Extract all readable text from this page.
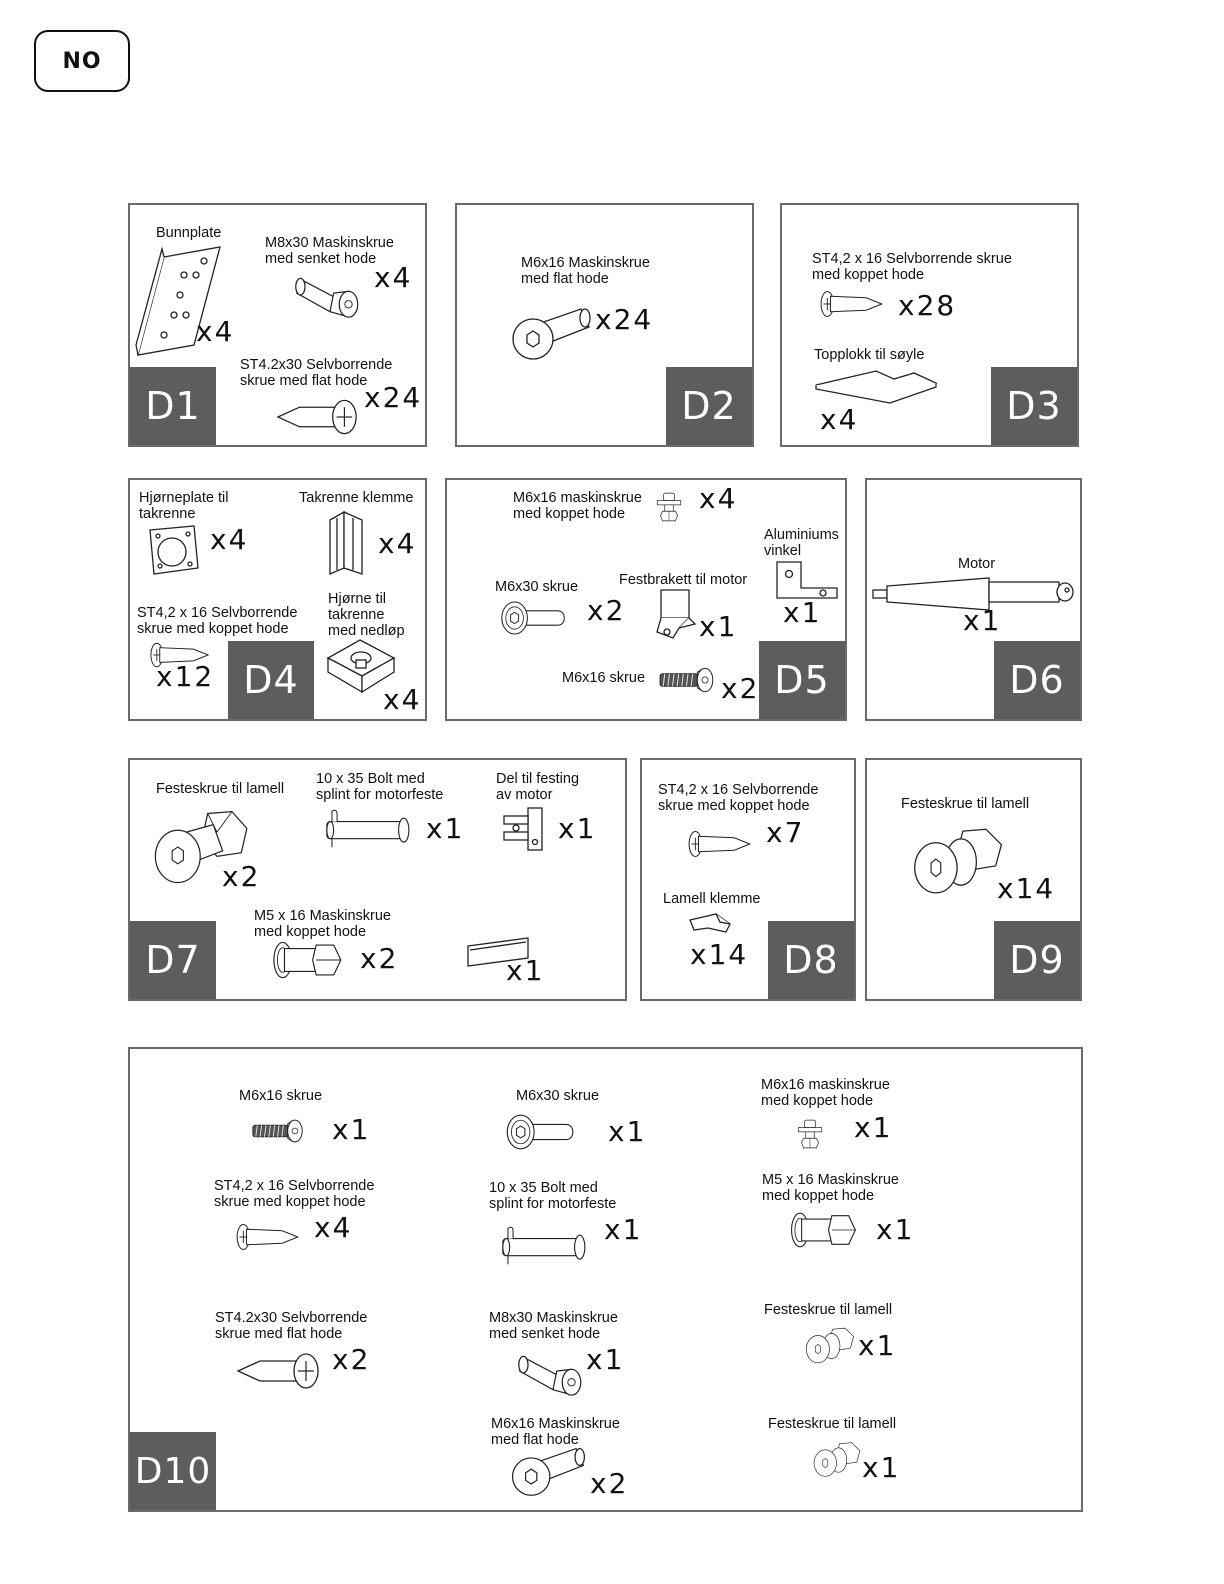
NO
Bunnplate
x4
M8x30 Maskinskrue
med senket hode
x4
ST4.2x30 Selvborrende
skrue med flat hode
x24
D1
M6x16 Maskinskrue
med flat hode
x24
D2
ST4,2 x 16 Selvborrende skrue
med koppet hode
x28
Topplokk til søyle
x4	D3
Hjørneplate til
takrenne
x4
Takrenne klemme
x4
ST4,2 x 16 Selvborrende
skrue med koppet hode
x12
Hjørne til
takrenne
med nedløp
x4
D4
M6x16 maskinskrue
med koppet hode	x4
Aluminiums
vinkel
x1
M6x30 skrue
x2
Festbrakett til motor
x1
M6x16 skrue	x2 D5
Motor
x1
D6
Festeskrue til lamell
x2
10 x 35 Bolt med
splint for motorfeste
x1
Del til festing
av motor
x1
M5 x 16 Maskinskrue
med koppet hode
x2	x1
D7
ST4,2 x 16 Selvborrende
skrue med koppet hode
x7
Lamell klemme
x14 D8
Festeskrue til lamell
x14
D9
M6x16 skrue
x1
ST4,2 x 16 Selvborrende
skrue med koppet hode
x4
ST4.2x30 Selvborrende
skrue med flat hode
x2
M6x30 skrue
x1
10 x 35 Bolt med
splint for motorfeste
x1
M8x30 Maskinskrue
med senket hode
x1
M6x16 Maskinskrue
med flat hode
x2
M6x16 maskinskrue
med koppet hode
x1
M5 x 16 Maskinskrue
med koppet hode
x1
Festeskrue til lamell
x1
Festeskrue til lamell
x1
D10
